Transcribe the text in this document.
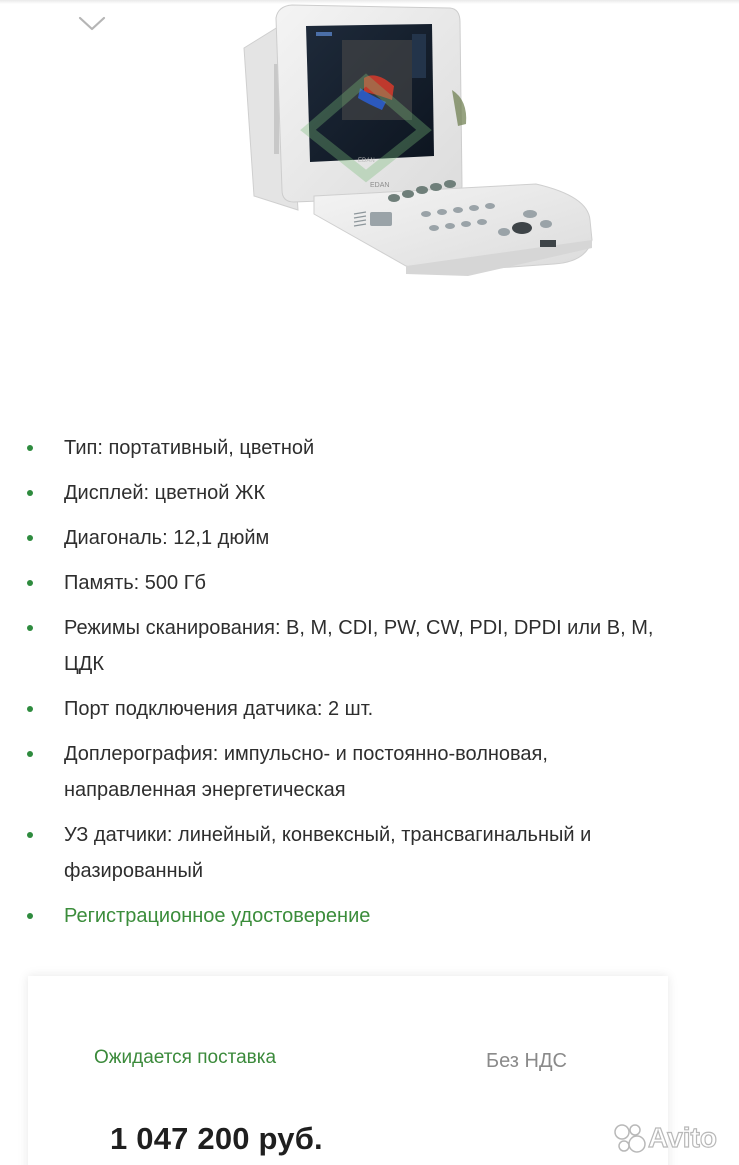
EDAN
EDAN
Тип: портативный, цветной
Дисплей: цветной ЖК
Диагональ: 12,1 дюйм
Память: 500 Гб
Режимы сканирования: B, M, CDI, PW, CW, PDI, DPDI или B, M, ЦДК
Порт подключения датчика: 2 шт.
Доплерография: импульсно- и постоянно-волновая, направленная энергетическая
УЗ датчики: линейный, конвексный, трансвагинальный и фазированный
Регистрационное удостоверение
Ожидается поставка	Без НДС
1 047 200 руб.	Avito
